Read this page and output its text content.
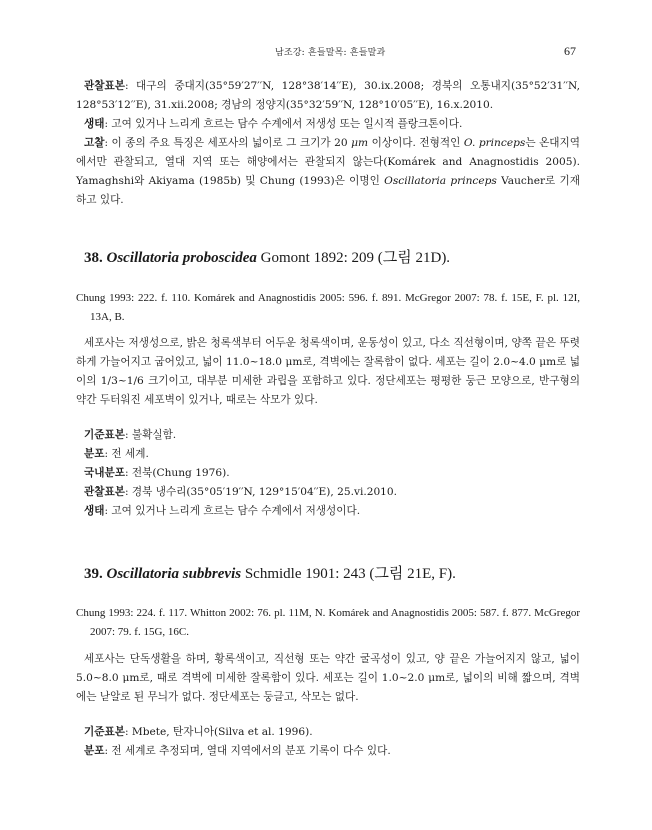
남조강: 흔들말목: 흔들말과	67

관찰표본: 대구의 중대지(35°59′27′′N, 128°38′14′′E), 30.ix.2008; 경북의 오통내지(35°52′31′′N, 128°53′12′′E), 31.xii.2008; 경남의 정양지(35°32′59′′N, 128°10′05′′E), 16.x.2010.

생태: 고여 있거나 느리게 흐르는 담수 수계에서 저생성 또는 일시적 플랑크톤이다.

고찰: 이 종의 주요 특징은 세포사의 넓이로 그 크기가 20 μm 이상이다. 전형적인 O. princeps는 온대지역에서만 관찰되고, 열대 지역 또는 해양에서는 관찰되지 않는다(Komárek and Anagnostidis 2005). Yamaghshi와 Akiyama (1985b) 및 Chung (1993)은 이명인 Oscillatoria princeps Vaucher로 기재하고 있다.

38. Oscillatoria proboscidea Gomont 1892: 209 (그림 21D).

Chung 1993: 222. f. 110. Komárek and Anagnostidis 2005: 596. f. 891. McGregor 2007: 78. f. 15E, F. pl. 12I, 13A, B.

세포사는 저생성으로, 밝은 청록색부터 어두운 청록색이며, 운동성이 있고, 다소 직선형이며, 양쪽 끝은 뚜렷하게 가늘어지고 굽어있고, 넓이 11.0~18.0 μm로, 격벽에는 잘록함이 없다. 세포는 길이 2.0~4.0 μm로 넓이의 1/3~1/6 크기이고, 대부분 미세한 과립을 포함하고 있다. 정단세포는 평평한 둥근 모양으로, 반구형의 약간 두터워진 세포벽이 있거나, 때로는 삭모가 있다.

기준표본: 불확실함.

분포: 전 세계.

국내분포: 전북(Chung 1976).

관찰표본: 경북 냉수리(35°05′19′′N, 129°15′04′′E), 25.vi.2010.

생태: 고여 있거나 느리게 흐르는 담수 수계에서 저생성이다.

39. Oscillatoria subbrevis Schmidle 1901: 243 (그림 21E, F).

Chung 1993: 224. f. 117. Whitton 2002: 76. pl. 11M, N. Komárek and Anagnostidis 2005: 587. f. 877. McGregor 2007: 79. f. 15G, 16C.

세포사는 단독생활을 하며, 황록색이고, 직선형 또는 약간 굴곡성이 있고, 양 끝은 가늘어지지 않고, 넓이 5.0~8.0 μm로, 때로 격벽에 미세한 잘록함이 있다. 세포는 길이 1.0~2.0 μm로, 넓이의 비해 짧으며, 격벽에는 낟알로 된 무늬가 없다. 정단세포는 둥글고, 삭모는 없다.

기준표본: Mbete, 탄자니아(Silva et al. 1996).

분포: 전 세계로 추정되며, 열대 지역에서의 분포 기록이 다수 있다.
